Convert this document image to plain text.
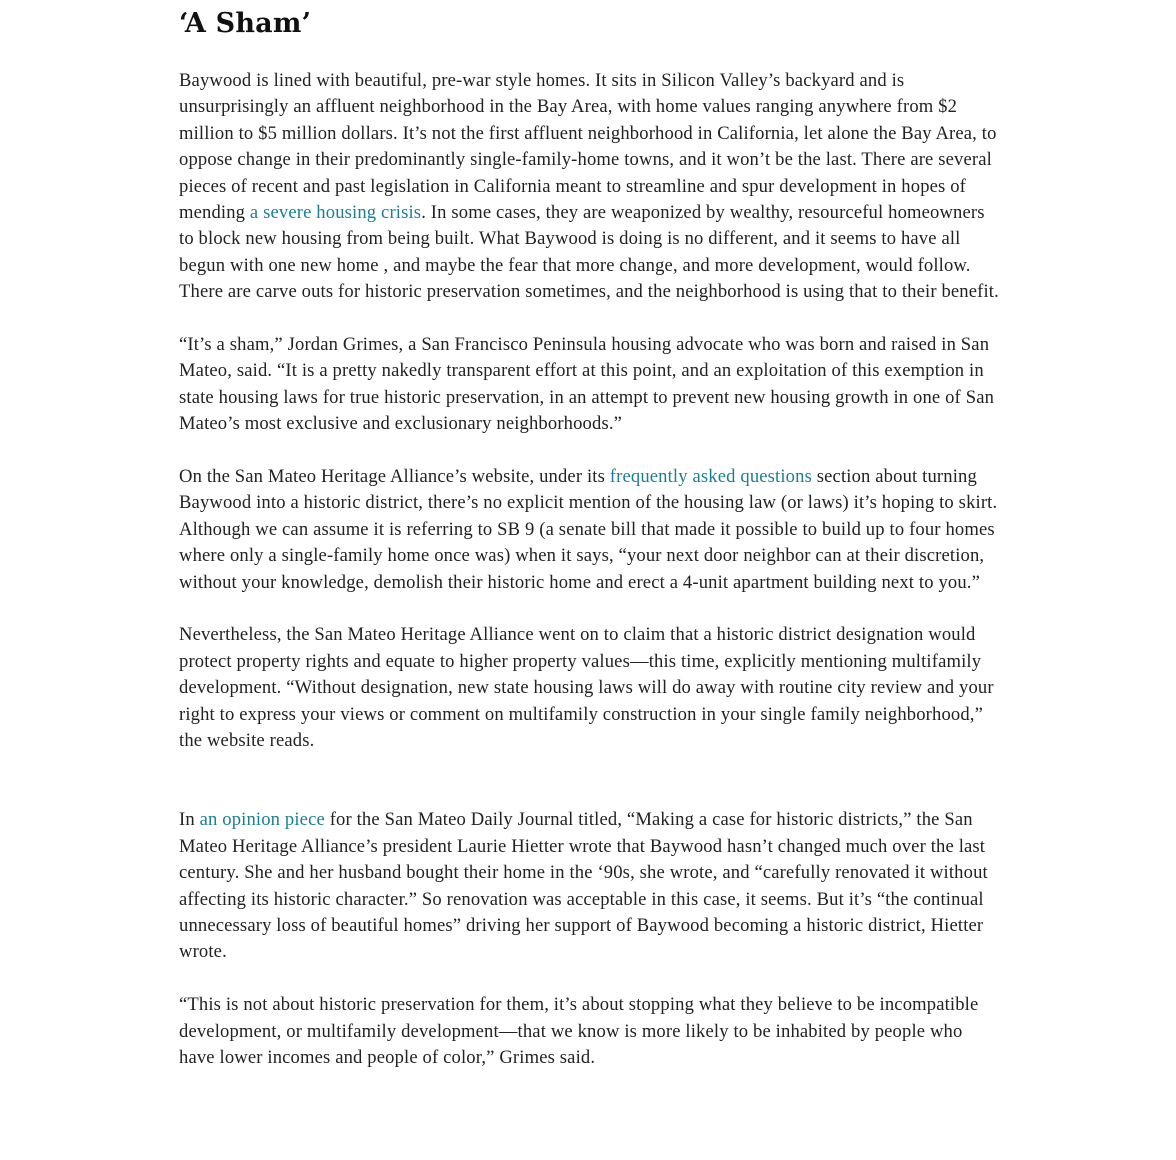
‘A Sham’

Baywood is lined with beautiful, pre-war style homes. It sits in Silicon Valley’s backyard and is unsurprisingly an affluent neighborhood in the Bay Area, with home values ranging anywhere from $2 million to $5 million dollars. It’s not the first affluent neighborhood in California, let alone the Bay Area, to oppose change in their predominantly single-family-home towns, and it won’t be the last. There are several pieces of recent and past legislation in California meant to streamline and spur development in hopes of mending a severe housing crisis. In some cases, they are weaponized by wealthy, resourceful homeowners to block new housing from being built. What Baywood is doing is no different, and it seems to have all begun with one new home , and maybe the fear that more change, and more development, would follow. There are carve outs for historic preservation sometimes, and the neighborhood is using that to their benefit.

“It’s a sham,” Jordan Grimes, a San Francisco Peninsula housing advocate who was born and raised in San Mateo, said. “It is a pretty nakedly transparent effort at this point, and an exploitation of this exemption in state housing laws for true historic preservation, in an attempt to prevent new housing growth in one of San Mateo’s most exclusive and exclusionary neighborhoods.”

On the San Mateo Heritage Alliance’s website, under its frequently asked questions section about turning Baywood into a historic district, there’s no explicit mention of the housing law (or laws) it’s hoping to skirt. Although we can assume it is referring to SB 9 (a senate bill that made it possible to build up to four homes where only a single-family home once was) when it says, “your next door neighbor can at their discretion, without your knowledge, demolish their historic home and erect a 4-unit apartment building next to you.”

Nevertheless, the San Mateo Heritage Alliance went on to claim that a historic district designation would protect property rights and equate to higher property values—this time, explicitly mentioning multifamily development. “Without designation, new state housing laws will do away with routine city review and your right to express your views or comment on multifamily construction in your single family neighborhood,” the website reads.

In an opinion piece for the San Mateo Daily Journal titled, “Making a case for historic districts,” the San Mateo Heritage Alliance’s president Laurie Hietter wrote that Baywood hasn’t changed much over the last century. She and her husband bought their home in the ‘90s, she wrote, and “carefully renovated it without affecting its historic character.” So renovation was acceptable in this case, it seems. But it’s “the continual unnecessary loss of beautiful homes” driving her support of Baywood becoming a historic district, Hietter wrote.

“This is not about historic preservation for them, it’s about stopping what they believe to be incompatible development, or multifamily development—that we know is more likely to be inhabited by people who have lower incomes and people of color,” Grimes said.
